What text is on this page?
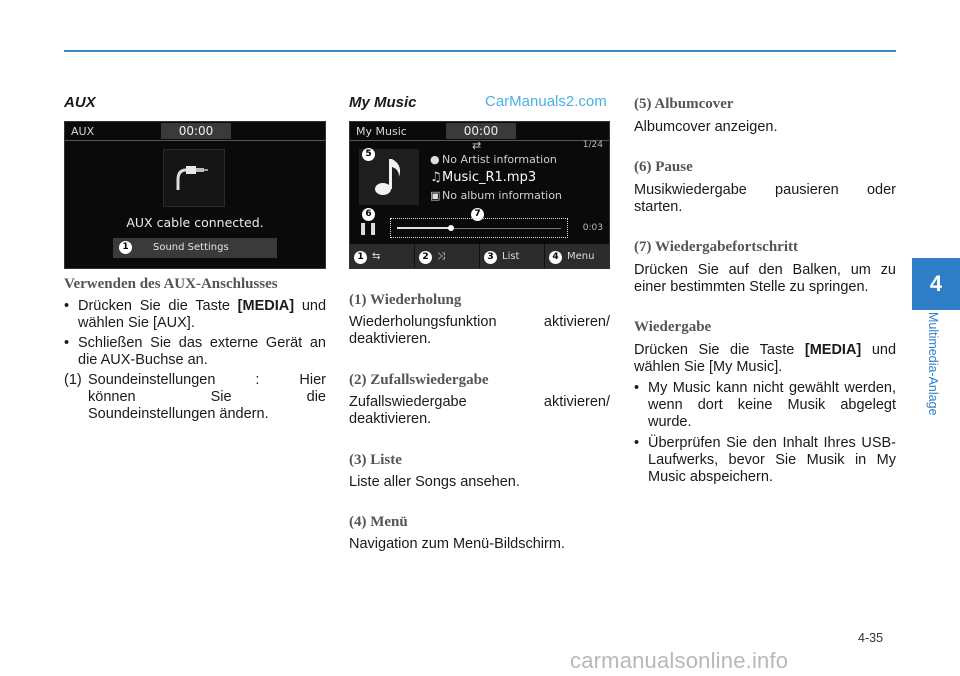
AUX
AUX	00:00
AUX cable connected.
1	Sound Settings
Verwenden des AUX-Anschlusses
• Drücken Sie die Taste [MEDIA] und wählen Sie [AUX].
• Schließen Sie das externe Gerät an die AUX-Buchse an.
(1) Soundeinstellungen : Hier
können Sie die
Soundeinstellungen ändern.
My Music	CarManuals2.com
My Music	00:00
⇄	1/24
5	● No Artist information
♫Music_R1.mp3
▣ No album information
6	7
❚❚	0:03
1 ⇆	2 ⤨	3 List	4 Menu
(1) Wiederholung
Wiederholungsfunktion aktivieren/ deaktivieren.
(2) Zufallswiedergabe
Zufallswiedergabe aktivieren/ deaktivieren.
(3) Liste
Liste aller Songs ansehen.
(4) Menü
Navigation zum Menü-Bildschirm.
(5) Albumcover
Albumcover anzeigen.
(6) Pause
Musikwiedergabe pausieren oder starten.
(7) Wiedergabefortschritt
Drücken Sie auf den Balken, um zu einer bestimmten Stelle zu springen.
Wiedergabe
Drücken Sie die Taste [MEDIA] und wählen Sie [My Music].
• My Music kann nicht gewählt werden, wenn dort keine Musik abgelegt wurde.
• Überprüfen Sie den Inhalt Ihres USB-Laufwerks, bevor Sie Musik in My Music abspeichern.
4
Multimedia-Anlage
4-35
carmanualsonline.info
